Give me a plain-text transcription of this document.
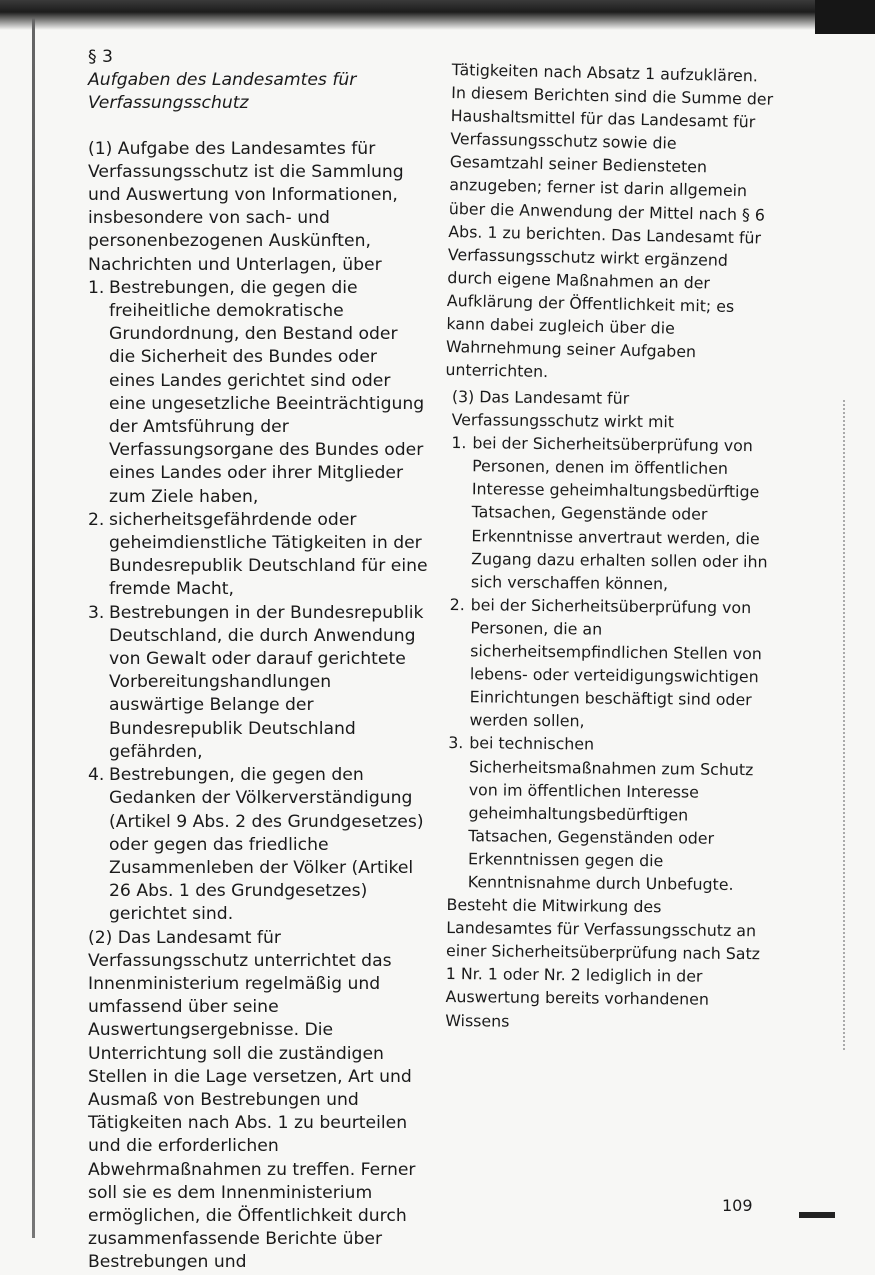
§ 3

Aufgaben des Landesamtes für Verfassungsschutz

(1) Aufgabe des Landesamtes für Verfassungsschutz ist die Sammlung und Auswertung von Informationen, insbesondere von sach- und personenbezogenen Auskünften, Nachrichten und Unterlagen, über

1. Bestrebungen, die gegen die freiheitliche demokratische Grundordnung, den Bestand oder die Sicherheit des Bundes oder eines Landes gerichtet sind oder eine ungesetzliche Beeinträchtigung der Amtsführung der Verfassungsorgane des Bundes oder eines Landes oder ihrer Mitglieder zum Ziele haben,
2. sicherheitsgefährdende oder geheimdienstliche Tätigkeiten in der Bundesrepublik Deutschland für eine fremde Macht,
3. Bestrebungen in der Bundesrepublik Deutschland, die durch Anwendung von Gewalt oder darauf gerichtete Vorbereitungshandlungen auswärtige Belange der Bundesrepublik Deutschland gefährden,
4. Bestrebungen, die gegen den Gedanken der Völkerverständigung (Artikel 9 Abs. 2 des Grundgesetzes) oder gegen das friedliche Zusammenleben der Völker (Artikel 26 Abs. 1 des Grundgesetzes) gerichtet sind.

(2) Das Landesamt für Verfassungsschutz unterrichtet das Innenministerium regelmäßig und umfassend über seine Auswertungsergebnisse. Die Unterrichtung soll die zuständigen Stellen in die Lage versetzen, Art und Ausmaß von Bestrebungen und Tätigkeiten nach Abs. 1 zu beurteilen und die erforderlichen Abwehrmaßnahmen zu treffen. Ferner soll sie es dem Innenministerium ermöglichen, die Öffentlichkeit durch zusammenfassende Berichte über Bestrebungen und

Tätigkeiten nach Absatz 1 aufzuklären. In diesem Berichten sind die Summe der Haushaltsmittel für das Landesamt für Verfassungsschutz sowie die Gesamtzahl seiner Bediensteten anzugeben; ferner ist darin allgemein über die Anwendung der Mittel nach § 6 Abs. 1 zu berichten. Das Landesamt für Verfassungsschutz wirkt ergänzend durch eigene Maßnahmen an der Aufklärung der Öffentlichkeit mit; es kann dabei zugleich über die Wahrnehmung seiner Aufgaben unterrichten.

(3) Das Landesamt für Verfassungsschutz wirkt mit

1. bei der Sicherheitsüberprüfung von Personen, denen im öffentlichen Interesse geheimhaltungsbedürftige Tatsachen, Gegenstände oder Erkenntnisse anvertraut werden, die Zugang dazu erhalten sollen oder ihn sich verschaffen können,
2. bei der Sicherheitsüberprüfung von Personen, die an sicherheitsempfindlichen Stellen von lebens- oder verteidigungswichtigen Einrichtungen beschäftigt sind oder werden sollen,
3. bei technischen Sicherheitsmaßnahmen zum Schutz von im öffentlichen Interesse geheimhaltungsbedürftigen Tatsachen, Gegenständen oder Erkenntnissen gegen die Kenntnisnahme durch Unbefugte.

Besteht die Mitwirkung des Landesamtes für Verfassungsschutz an einer Sicherheitsüberprüfung nach Satz 1 Nr. 1 oder Nr. 2 lediglich in der Auswertung bereits vorhandenen Wissens

109
